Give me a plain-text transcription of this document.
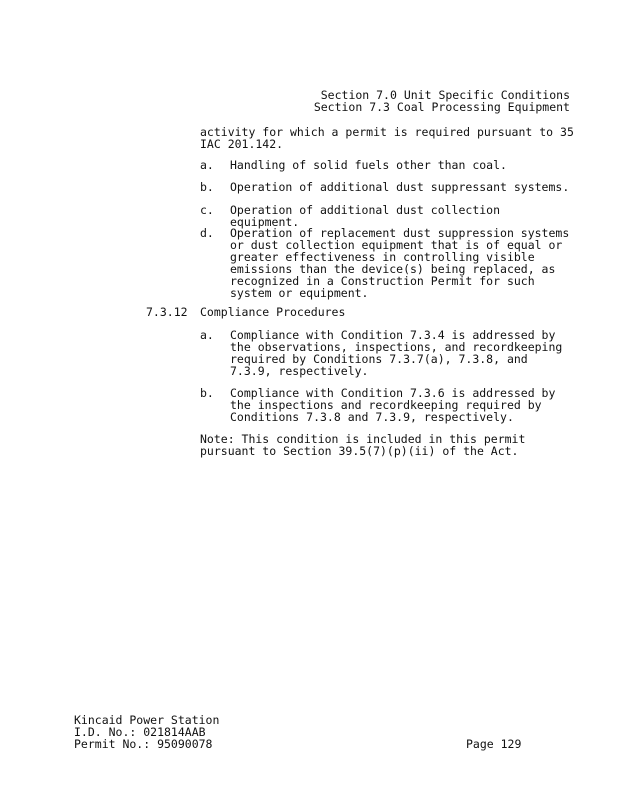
Section 7.0 Unit Specific Conditions
Section 7.3 Coal Processing Equipment
activity for which a permit is required pursuant to 35 IAC 201.142.
a. Handling of solid fuels other than coal.
b. Operation of additional dust suppressant systems.
c. Operation of additional dust collection equipment.
d. Operation of replacement dust suppression systems or dust collection equipment that is of equal or greater effectiveness in controlling visible emissions than the device(s) being replaced, as recognized in a Construction Permit for such system or equipment.
7.3.12 Compliance Procedures
a. Compliance with Condition 7.3.4 is addressed by the observations, inspections, and recordkeeping required by Conditions 7.3.7(a), 7.3.8, and 7.3.9, respectively.
b. Compliance with Condition 7.3.6 is addressed by the inspections and recordkeeping required by Conditions 7.3.8 and 7.3.9, respectively.
Note: This condition is included in this permit pursuant to Section 39.5(7)(p)(ii) of the Act.
Kincaid Power Station
I.D. No.: 021814AAB
Permit No.: 95090078	Page 129
